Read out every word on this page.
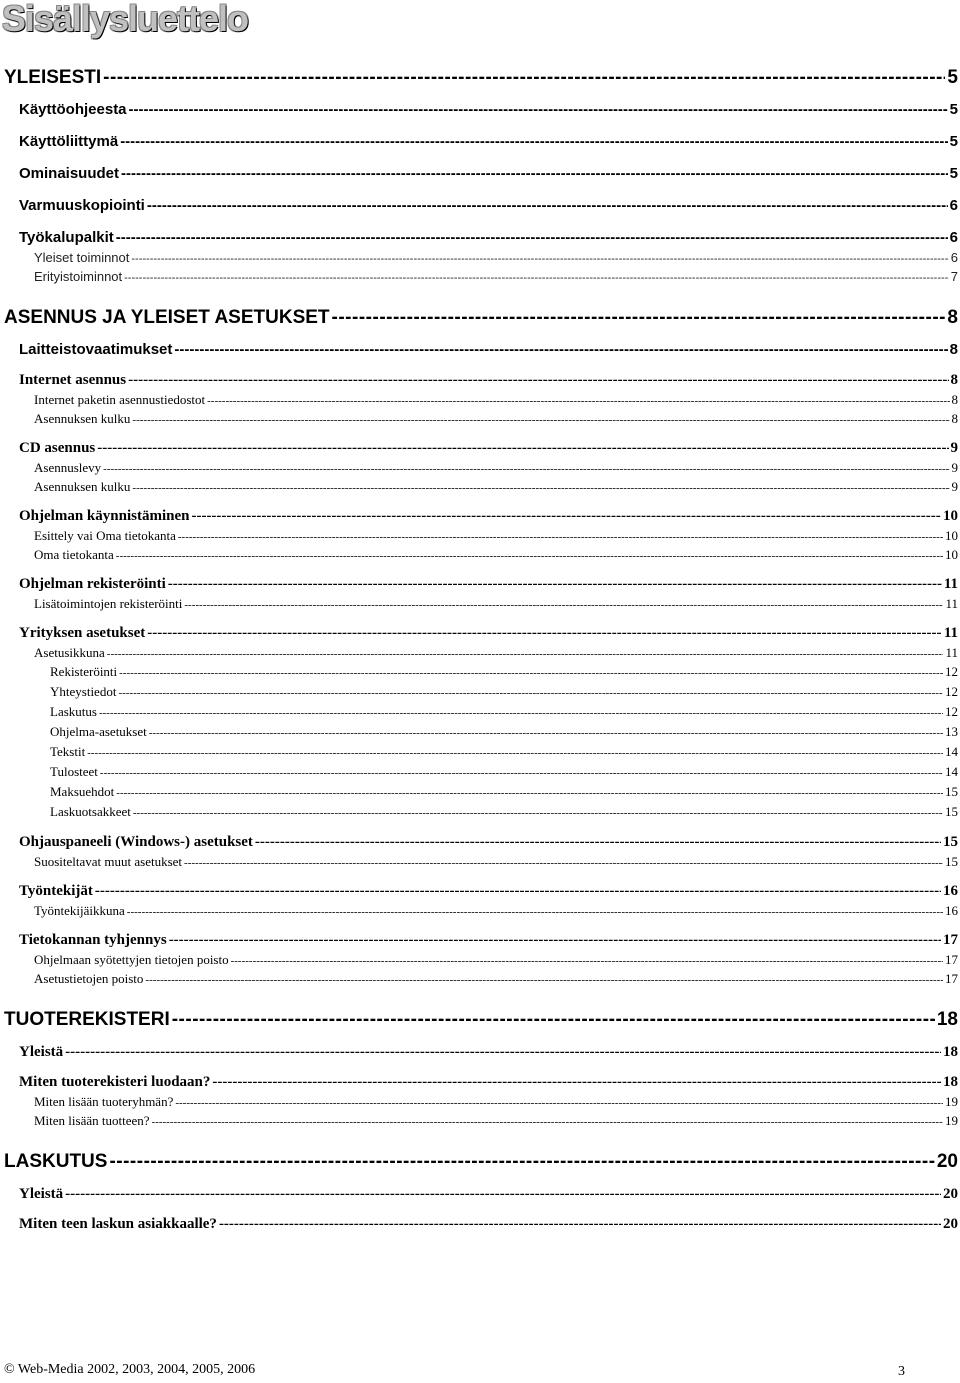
Sisällysluettelo
YLEISESTI -----	5
Käyttöohjeesta -----	5
Käyttöliittymä -----	5
Ominaisuudet -----	5
Varmuuskopiointi -----	6
Työkalupalkit -----	6
Yleiset toiminnot -----	6
Erityistoiminnot -----	7
ASENNUS JA YLEISET ASETUKSET -----	8
Laitteistovaatimukset -----	8
Internet asennus -----	8
Internet paketin asennustiedostot -----	8
Asennuksen kulku -----	8
CD asennus -----	9
Asennuslevy -----	9
Asennuksen kulku -----	9
Ohjelman käynnistäminen -----	10
Esittely vai Oma tietokanta -----	10
Oma tietokanta -----	10
Ohjelman rekisteröinti -----	11
Lisätoimintojen rekisteröinti -----	11
Yrityksen asetukset -----	11
Asetusikkuna -----	11
Rekisteröinti -----	12
Yhteystiedot -----	12
Laskutus -----	12
Ohjelma-asetukset -----	13
Tekstit -----	14
Tulosteet -----	14
Maksuehdot -----	15
Laskuotsakkeet -----	15
Ohjauspaneeli (Windows-) asetukset -----	15
Suositeltavat muut asetukset -----	15
Työntekijät -----	16
Työntekijäikkuna -----	16
Tietokannan tyhjennys -----	17
Ohjelmaan syötettyjen tietojen poisto -----	17
Asetustietojen poisto -----	17
TUOTEREKISTERI -----	18
Yleistä -----	18
Miten tuoterekisteri luodaan? -----	18
Miten lisään tuoteryhmän? -----	19
Miten lisään tuotteen? -----	19
LASKUTUS -----	20
Yleistä -----	20
Miten teen laskun asiakkaalle? -----	20
© Web-Media 2002, 2003, 2004, 2005, 2006	3
